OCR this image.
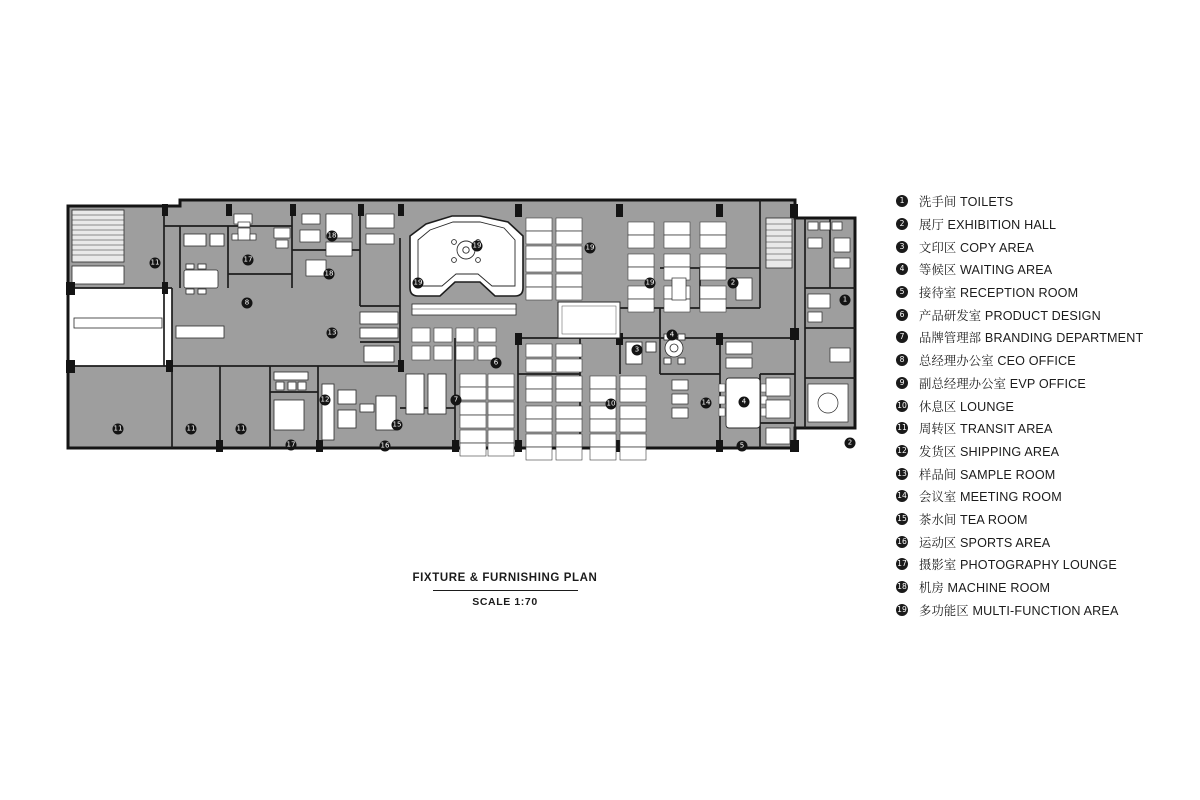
11	17
18
18
8
13
19
19	19
19	2
1
4
3
6
7	10	14	4
5
11	11	11
12
17	16
15
2
FIXTURE & FURNISHING PLAN
SCALE 1:70
1 洗手间 TOILETS
2 展厅 EXHIBITION HALL
3 文印区 COPY AREA
4 等候区 WAITING AREA
5 接待室 RECEPTION ROOM
6 产品研发室 PRODUCT DESIGN
7 品牌管理部 BRANDING DEPARTMENT
8 总经理办公室 CEO OFFICE
9 副总经理办公室 EVP OFFICE
10 休息区 LOUNGE
11 周转区 TRANSIT AREA
12 发货区 SHIPPING AREA
13 样品间 SAMPLE ROOM
14 会议室 MEETING ROOM
15 茶水间 TEA ROOM
16 运动区 SPORTS AREA
17 摄影室 PHOTOGRAPHY LOUNGE
18 机房 MACHINE ROOM
19 多功能区 MULTI-FUNCTION AREA
